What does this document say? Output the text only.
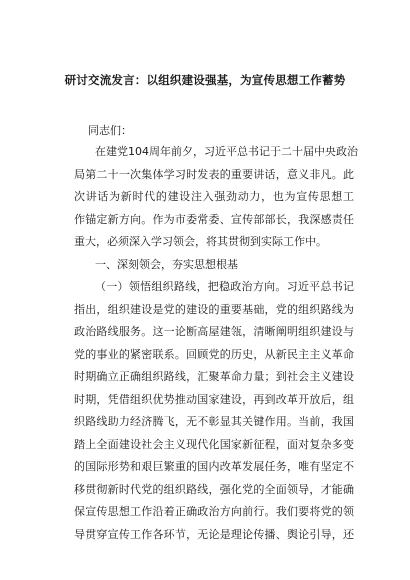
研讨交流发言：以组织建设强基，为宣传思想工作蓄势
同志们：
在建党104周年前夕，习近平总书记于二十届中央政治
局第二十一次集体学习时发表的重要讲话，意义非凡。此
次讲话为新时代的建设注入强劲动力，也为宣传思想工
作锚定新方向。作为市委常委、宣传部部长，我深感责任
重大，必须深入学习领会，将其贯彻到实际工作中。
一、深刻领会，夯实思想根基
（一）领悟组织路线，把稳政治方向。习近平总书记
指出，组织建设是党的建设的重要基础，党的组织路线为
政治路线服务。这一论断高屋建瓴，清晰阐明组织建设与
党的事业的紧密联系。回顾党的历史，从新民主主义革命
时期确立正确组织路线，汇聚革命力量；到社会主义建设
时期，凭借组织优势推动国家建设，再到改革开放后，组
织路线助力经济腾飞，无不彰显其关键作用。当前，我国
踏上全面建设社会主义现代化国家新征程，面对复杂多变
的国际形势和艰巨繁重的国内改革发展任务，唯有坚定不
移贯彻新时代党的组织路线，强化党的全面领导，才能确
保宣传思想工作沿着正确政治方向前行。我们要将党的领
导贯穿宣传工作各环节，无论是理论传播、舆论引导，还
